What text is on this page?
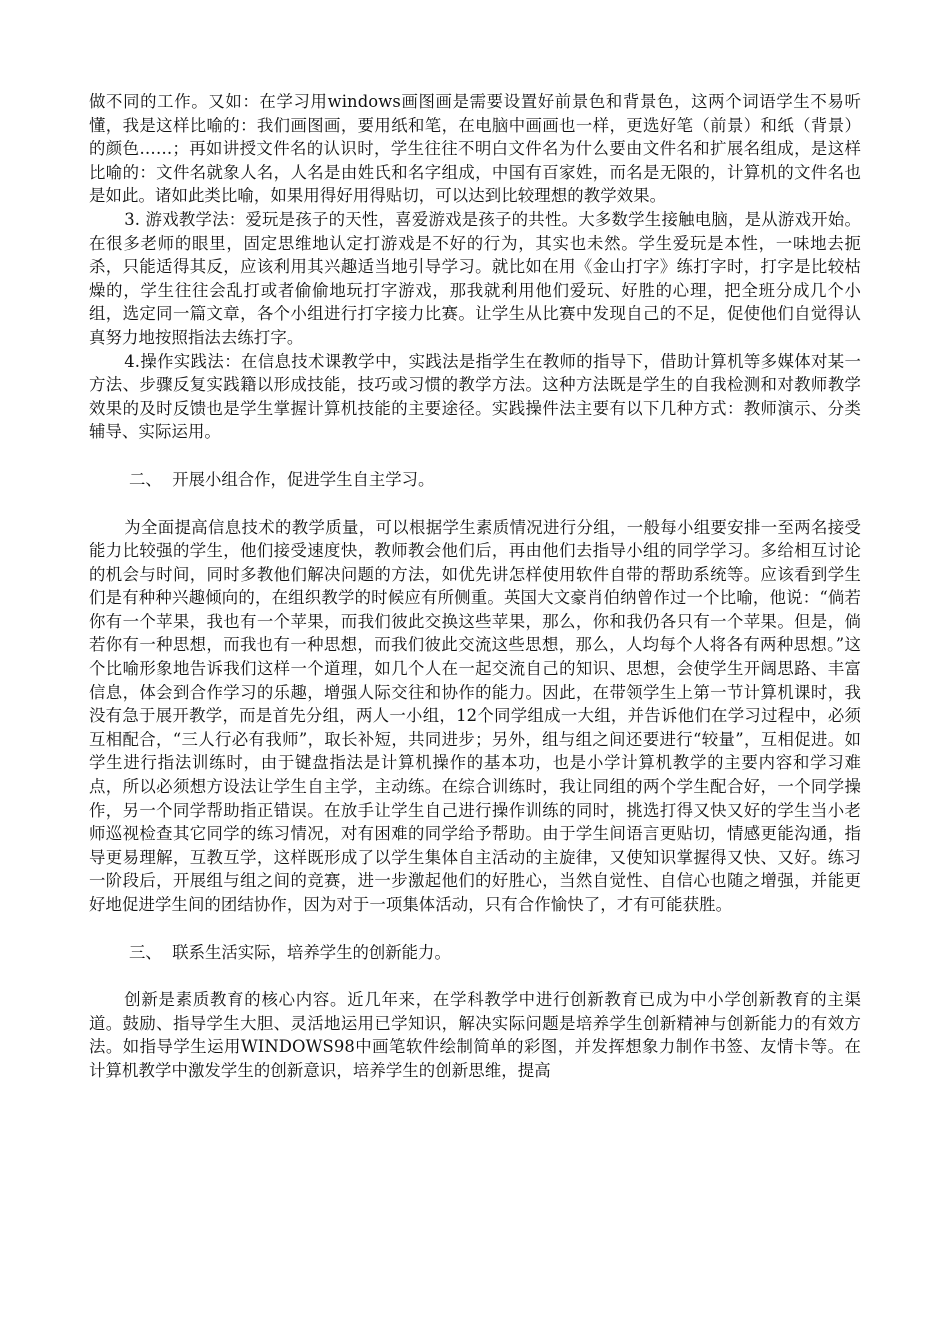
做不同的工作。又如：在学习用windows画图画是需要设置好前景色和背景色，这两个词语学生不易听懂，我是这样比喻的：我们画图画，要用纸和笔，在电脑中画画也一样，更选好笔（前景）和纸（背景）的颜色……；再如讲授文件名的认识时，学生往往不明白文件名为什么要由文件名和扩展名组成，是这样比喻的：文件名就象人名，人名是由姓氏和名字组成，中国有百家姓，而名是无限的，计算机的文件名也是如此。诸如此类比喻，如果用得好用得贴切，可以达到比较理想的教学效果。

3. 游戏教学法：爱玩是孩子的天性，喜爱游戏是孩子的共性。大多数学生接触电脑，是从游戏开始。在很多老师的眼里，固定思维地认定打游戏是不好的行为，其实也未然。学生爱玩是本性，一味地去扼杀，只能适得其反，应该利用其兴趣适当地引导学习。就比如在用《金山打字》练打字时，打字是比较枯燥的，学生往往会乱打或者偷偷地玩打字游戏，那我就利用他们爱玩、好胜的心理，把全班分成几个小组，选定同一篇文章，各个小组进行打字接力比赛。让学生从比赛中发现自己的不足，促使他们自觉得认真努力地按照指法去练打字。

4.操作实践法：在信息技术课教学中，实践法是指学生在教师的指导下，借助计算机等多媒体对某一方法、步骤反复实践籍以形成技能，技巧或习惯的教学方法。这种方法既是学生的自我检测和对教师教学效果的及时反馈也是学生掌握计算机技能的主要途径。实践操件法主要有以下几种方式：教师演示、分类辅导、实际运用。

二、  开展小组合作，促进学生自主学习。

为全面提高信息技术的教学质量，可以根据学生素质情况进行分组，一般每小组要安排一至两名接受能力比较强的学生，他们接受速度快，教师教会他们后，再由他们去指导小组的同学学习。多给相互讨论的机会与时间，同时多教他们解决问题的方法，如优先讲怎样使用软件自带的帮助系统等。应该看到学生们是有种种兴趣倾向的，在组织教学的时候应有所侧重。英国大文豪肖伯纳曾作过一个比喻，他说：“倘若你有一个苹果，我也有一个苹果，而我们彼此交换这些苹果，那么，你和我仍各只有一个苹果。但是，倘若你有一种思想，而我也有一种思想，而我们彼此交流这些思想，那么，人均每个人将各有两种思想。”这个比喻形象地告诉我们这样一个道理，如几个人在一起交流自己的知识、思想，会使学生开阔思路、丰富信息，体会到合作学习的乐趣，增强人际交往和协作的能力。因此，在带领学生上第一节计算机课时，我没有急于展开教学，而是首先分组，两人一小组，12个同学组成一大组，并告诉他们在学习过程中，必须互相配合，“三人行必有我师”，取长补短，共同进步；另外，组与组之间还要进行“较量”，互相促进。如学生进行指法训练时，由于键盘指法是计算机操作的基本功，也是小学计算机教学的主要内容和学习难点，所以必须想方设法让学生自主学，主动练。在综合训练时，我让同组的两个学生配合好，一个同学操作，另一个同学帮助指正错误。在放手让学生自己进行操作训练的同时，挑选打得又快又好的学生当小老师巡视检查其它同学的练习情况，对有困难的同学给予帮助。由于学生间语言更贴切，情感更能沟通，指导更易理解，互教互学，这样既形成了以学生集体自主活动的主旋律，又使知识掌握得又快、又好。练习一阶段后，开展组与组之间的竞赛，进一步激起他们的好胜心，当然自觉性、自信心也随之增强，并能更好地促进学生间的团结协作，因为对于一项集体活动，只有合作愉快了，才有可能获胜。

三、  联系生活实际，培养学生的创新能力。

创新是素质教育的核心内容。近几年来，在学科教学中进行创新教育已成为中小学创新教育的主渠道。鼓励、指导学生大胆、灵活地运用已学知识，解决实际问题是培养学生创新精神与创新能力的有效方法。如指导学生运用WINDOWS98中画笔软件绘制简单的彩图，并发挥想象力制作书签、友情卡等。在计算机教学中激发学生的创新意识，培养学生的创新思维，提高
